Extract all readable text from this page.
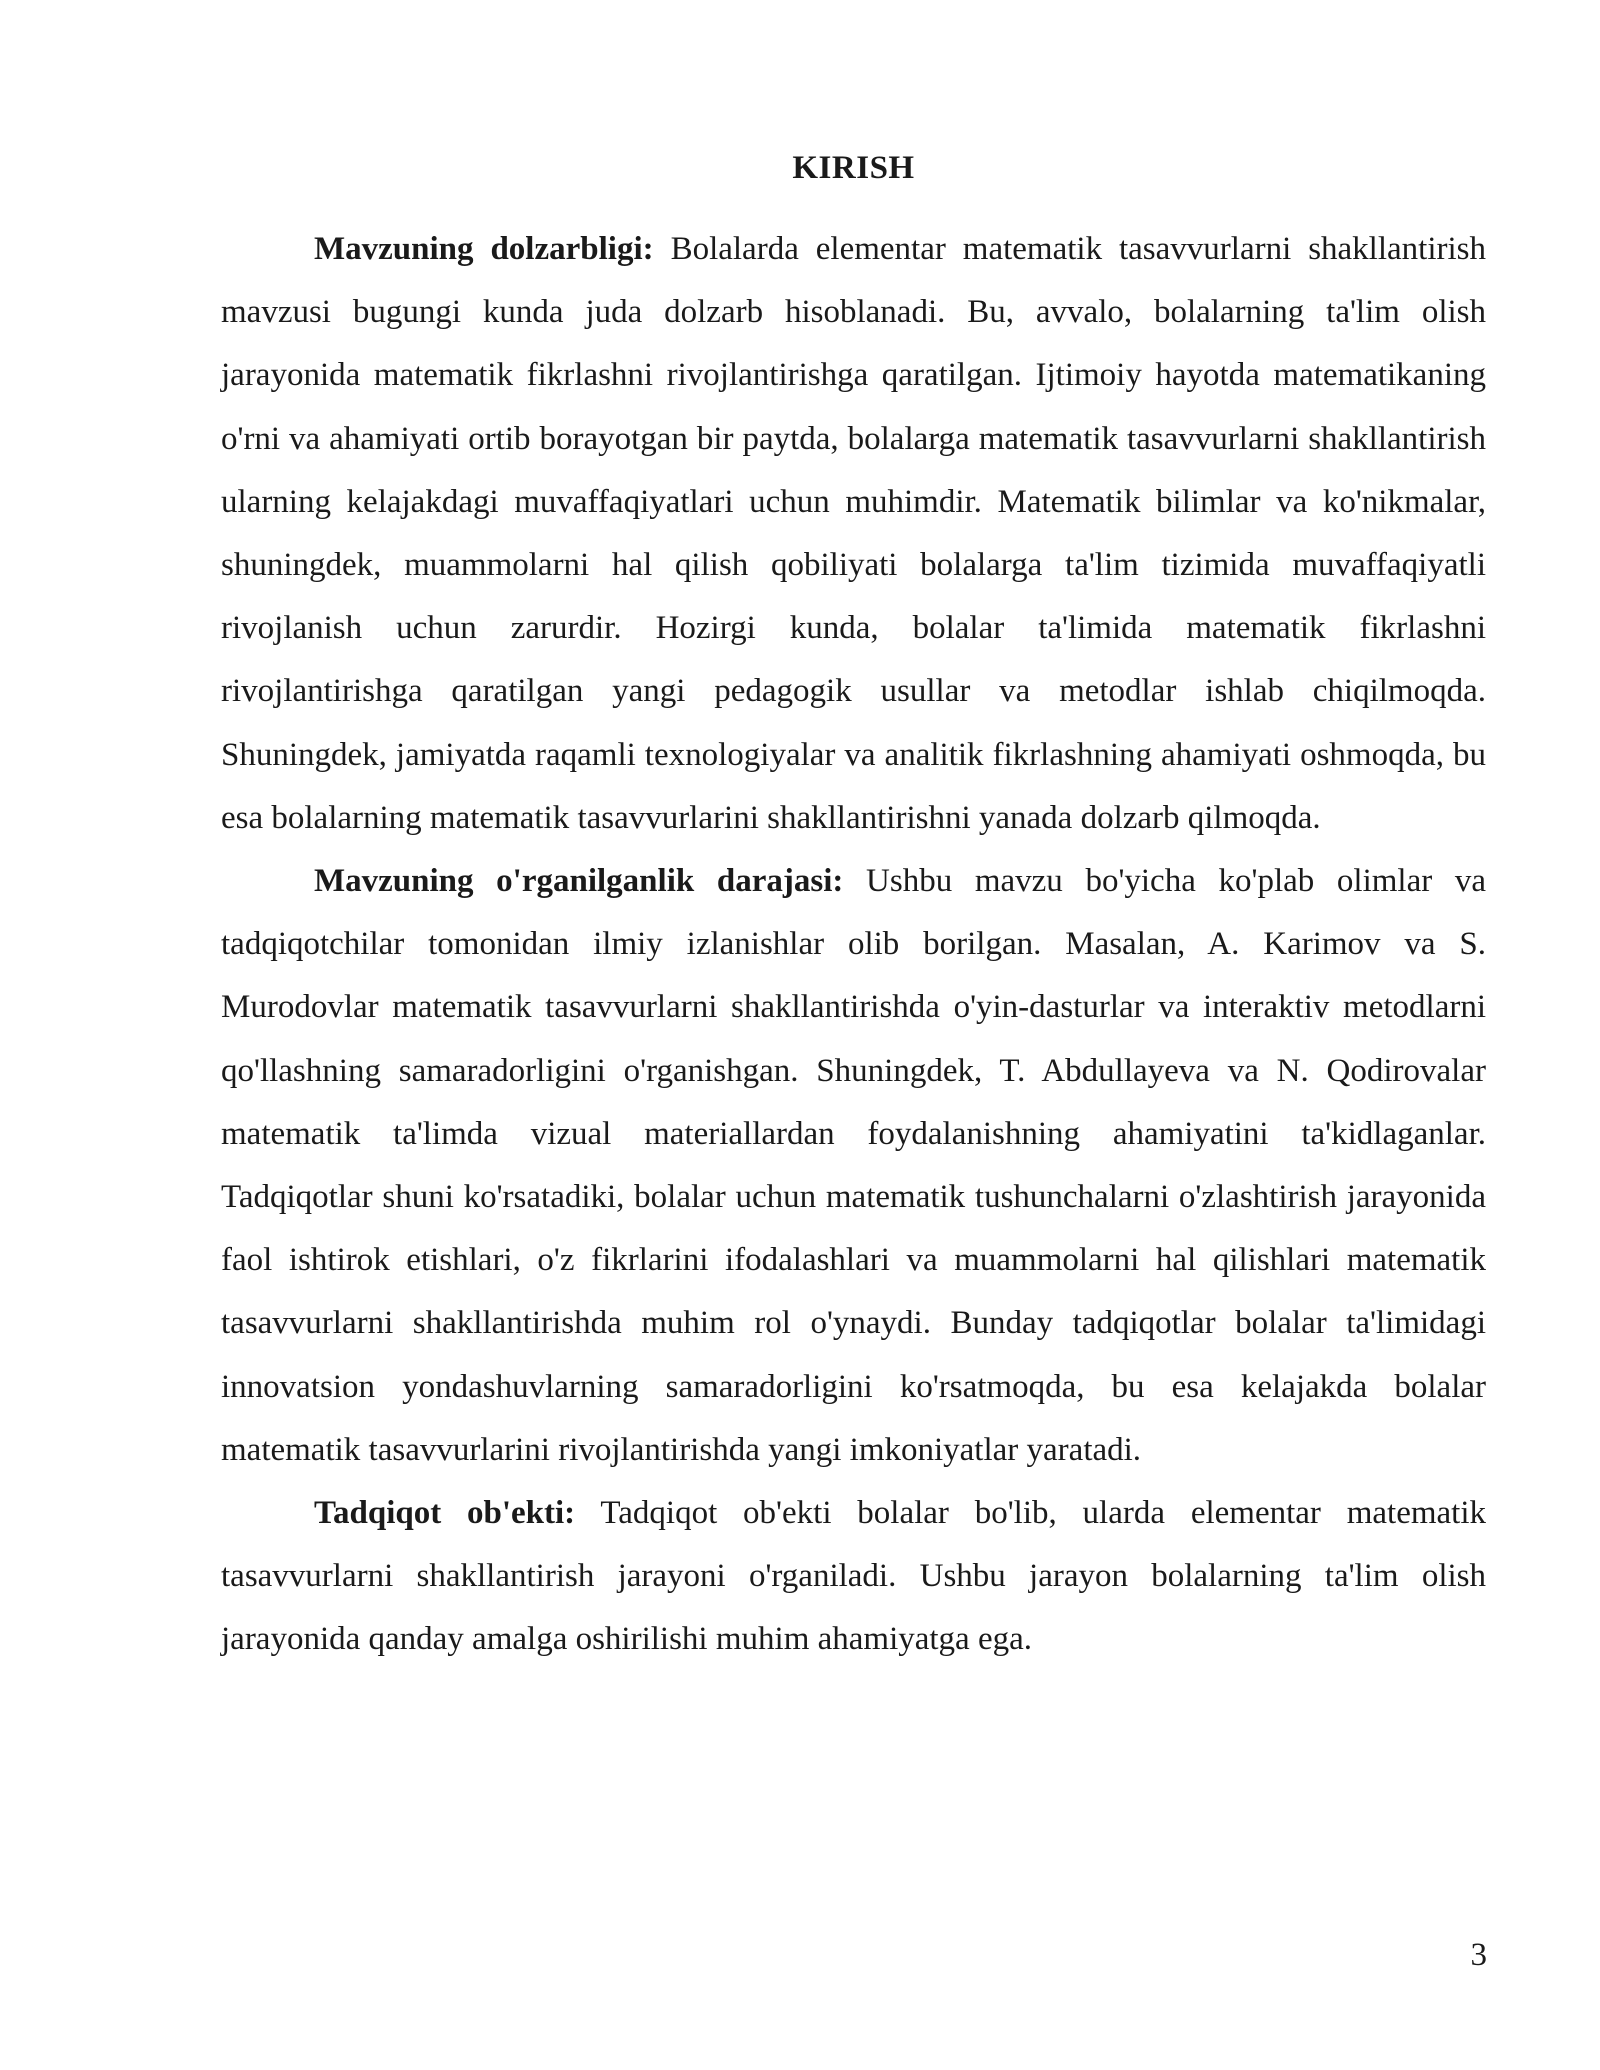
KIRISH

Mavzuning dolzarbligi: Bolalarda elementar matematik tasavvurlarni shakllantirish mavzusi bugungi kunda juda dolzarb hisoblanadi. Bu, avvalo, bolalarning ta'lim olish jarayonida matematik fikrlashni rivojlantirishga qaratilgan. Ijtimoiy hayotda matematikaning o'rni va ahamiyati ortib borayotgan bir paytda, bolalarga matematik tasavvurlarni shakllantirish ularning kelajakdagi muvaffaqiyatlari uchun muhimdir. Matematik bilimlar va ko'nikmalar, shuningdek, muammolarni hal qilish qobiliyati bolalarga ta'lim tizimida muvaffaqiyatli rivojlanish uchun zarurdir. Hozirgi kunda, bolalar ta'limida matematik fikrlashni rivojlantirishga qaratilgan yangi pedagogik usullar va metodlar ishlab chiqilmoqda. Shuningdek, jamiyatda raqamli texnologiyalar va analitik fikrlashning ahamiyati oshmoqda, bu esa bolalarning matematik tasavvurlarini shakllantirishni yanada dolzarb qilmoqda.

Mavzuning o'rganilganlik darajasi: Ushbu mavzu bo'yicha ko'plab olimlar va tadqiqotchilar tomonidan ilmiy izlanishlar olib borilgan. Masalan, A. Karimov va S. Murodovlar matematik tasavvurlarni shakllantirishda o'yin-dasturlar va interaktiv metodlarni qo'llashning samaradorligini o'rganishgan. Shuningdek, T. Abdullayeva va N. Qodirovalar matematik ta'limda vizual materiallardan foydalanishning ahamiyatini ta'kidlaganlar. Tadqiqotlar shuni ko'rsatadiki, bolalar uchun matematik tushunchalarni o'zlashtirish jarayonida faol ishtirok etishlari, o'z fikrlarini ifodalashlari va muammolarni hal qilishlari matematik tasavvurlarni shakllantirishda muhim rol o'ynaydi. Bunday tadqiqotlar bolalar ta'limidagi innovatsion yondashuvlarning samaradorligini ko'rsatmoqda, bu esa kelajakda bolalar matematik tasavvurlarini rivojlantirishda yangi imkoniyatlar yaratadi.

Tadqiqot ob'ekti: Tadqiqot ob'ekti bolalar bo'lib, ularda elementar matematik tasavvurlarni shakllantirish jarayoni o'rganiladi. Ushbu jarayon bolalarning ta'lim olish jarayonida qanday amalga oshirilishi muhim ahamiyatga ega.

3
